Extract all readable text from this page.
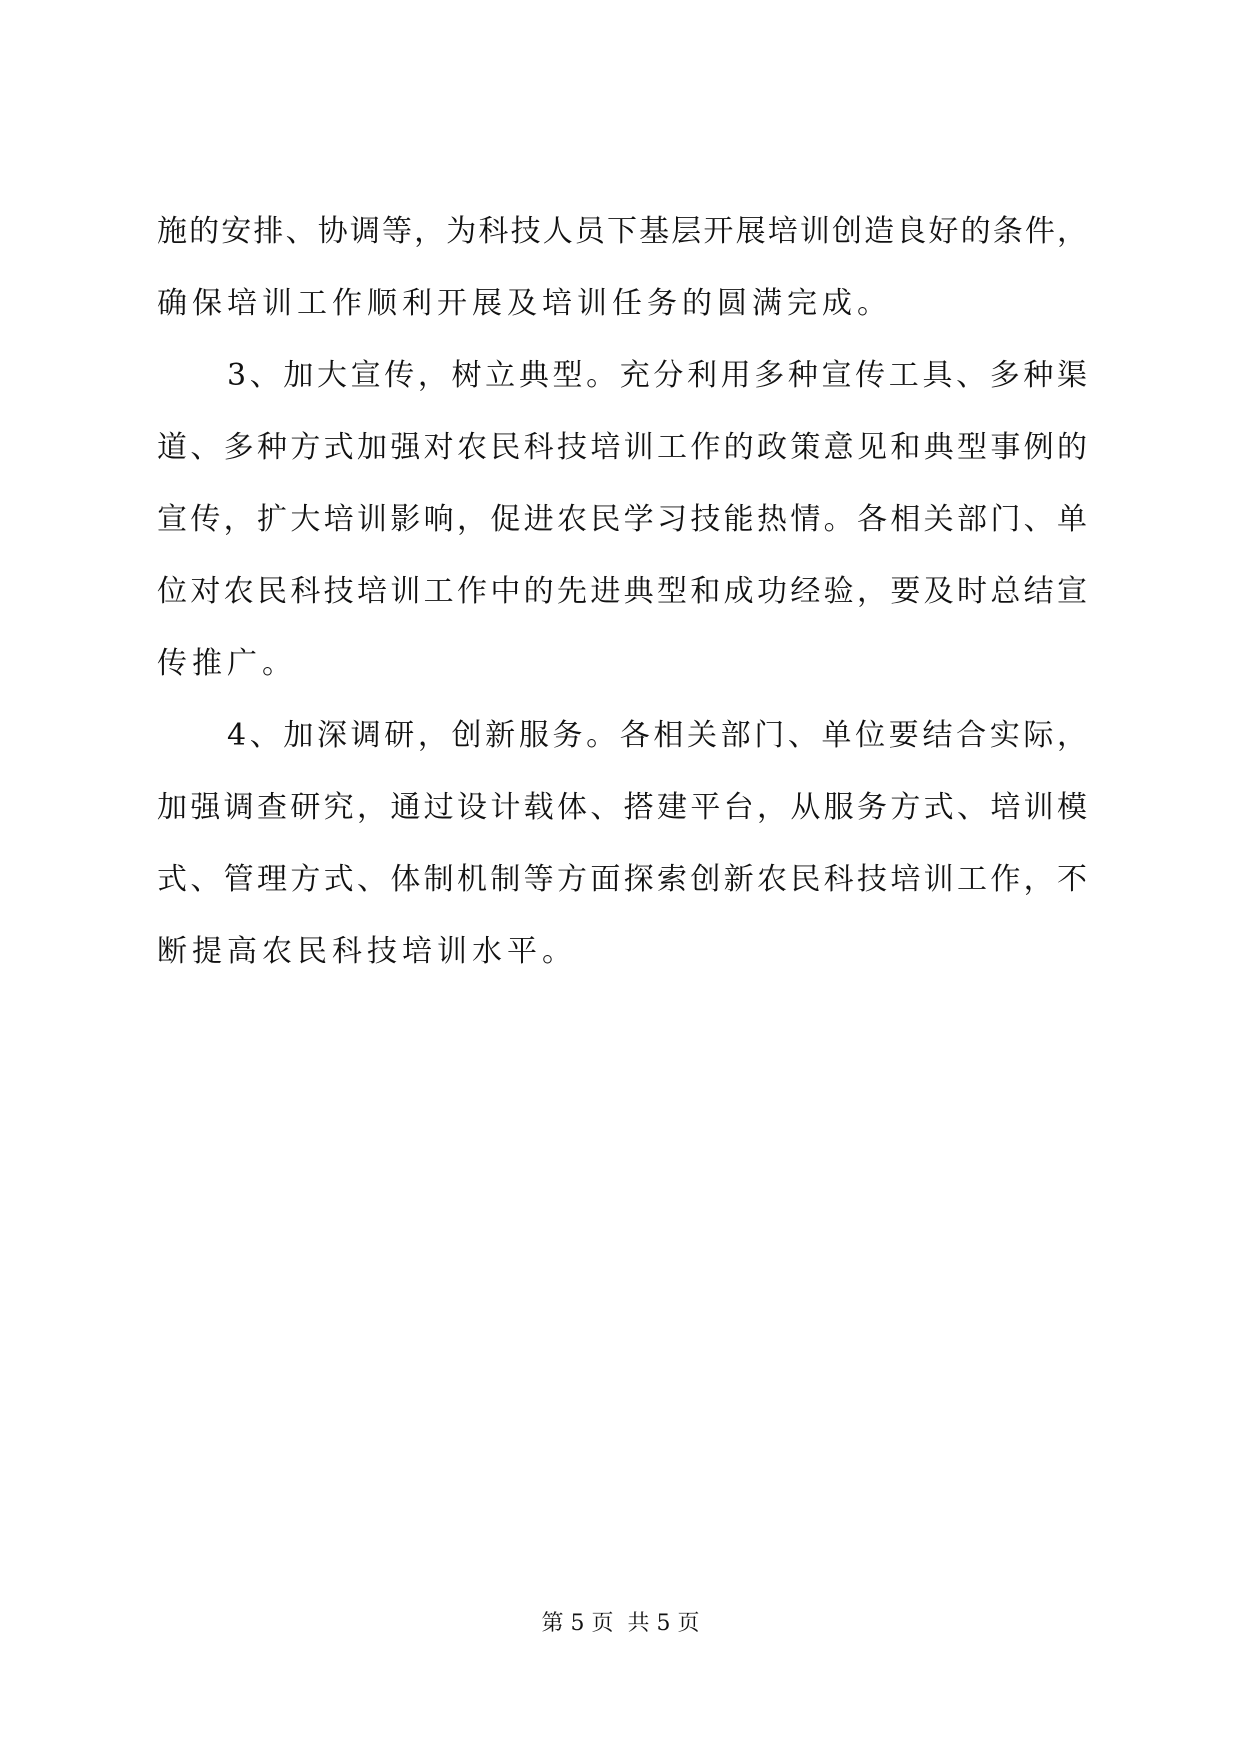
施的安排、协调等，为科技人员下基层开展培训创造良好的条件，
确保培训工作顺利开展及培训任务的圆满完成。
3、加大宣传，树立典型。充分利用多种宣传工具、多种渠
道、多种方式加强对农民科技培训工作的政策意见和典型事例的
宣传，扩大培训影响，促进农民学习技能热情。各相关部门、单
位对农民科技培训工作中的先进典型和成功经验，要及时总结宣
传推广。
4、加深调研，创新服务。各相关部门、单位要结合实际，
加强调查研究，通过设计载体、搭建平台，从服务方式、培训模
式、管理方式、体制机制等方面探索创新农民科技培训工作，不
断提高农民科技培训水平。
第 5 页  共 5 页
